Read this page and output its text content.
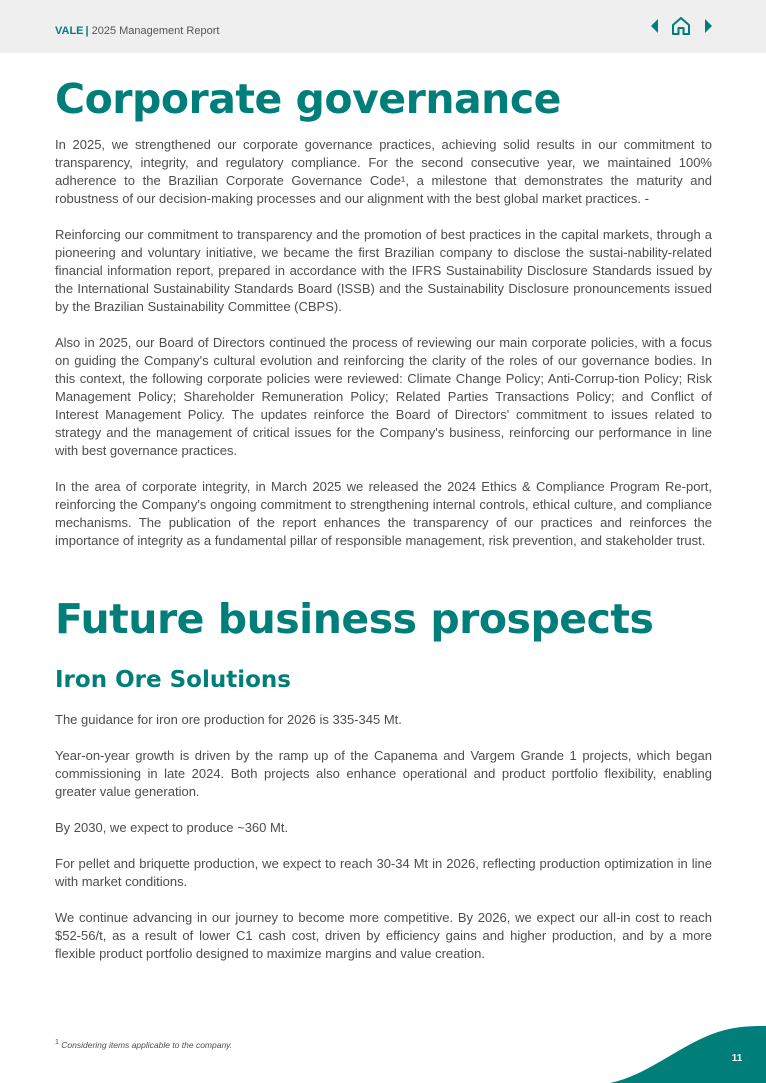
VALE | 2025 Management Report
Corporate governance

In 2025, we strengthened our corporate governance practices, achieving solid results in our commitment to transparency, integrity, and regulatory compliance. For the second consecutive year, we maintained 100% adherence to the Brazilian Corporate Governance Code¹, a milestone that demonstrates the maturity and robustness of our decision-making processes and our alignment with the best global market practices. -

Reinforcing our commitment to transparency and the promotion of best practices in the capital markets, through a pioneering and voluntary initiative, we became the first Brazilian company to disclose the sustai-nability-related financial information report, prepared in accordance with the IFRS Sustainability Disclosure Standards issued by the International Sustainability Standards Board (ISSB) and the Sustainability Disclosure pronouncements issued by the Brazilian Sustainability Committee (CBPS).

Also in 2025, our Board of Directors continued the process of reviewing our main corporate policies, with a focus on guiding the Company's cultural evolution and reinforcing the clarity of the roles of our governance bodies. In this context, the following corporate policies were reviewed: Climate Change Policy; Anti-Corrup-tion Policy; Risk Management Policy; Shareholder Remuneration Policy; Related Parties Transactions Policy; and Conflict of Interest Management Policy. The updates reinforce the Board of Directors' commitment to issues related to strategy and the management of critical issues for the Company's business, reinforcing our performance in line with best governance practices.

In the area of corporate integrity, in March 2025 we released the 2024 Ethics & Compliance Program Re-port, reinforcing the Company's ongoing commitment to strengthening internal controls, ethical culture, and compliance mechanisms. The publication of the report enhances the transparency of our practices and reinforces the importance of integrity as a fundamental pillar of responsible management, risk prevention, and stakeholder trust.

Future business prospects
Iron Ore Solutions

The guidance for iron ore production for 2026 is 335-345 Mt.

Year-on-year growth is driven by the ramp up of the Capanema and Vargem Grande 1 projects, which began commissioning in late 2024. Both projects also enhance operational and product portfolio flexibility, enabling greater value generation.

By 2030, we expect to produce ~360 Mt.

For pellet and briquette production, we expect to reach 30-34 Mt in 2026, reflecting production optimization in line with market conditions.

We continue advancing in our journey to become more competitive. By 2026, we expect our all-in cost to reach $52-56/t, as a result of lower C1 cash cost, driven by efficiency gains and higher production, and by a more flexible product portfolio designed to maximize margins and value creation.

$^1$ Considering items applicable to the company.
11
